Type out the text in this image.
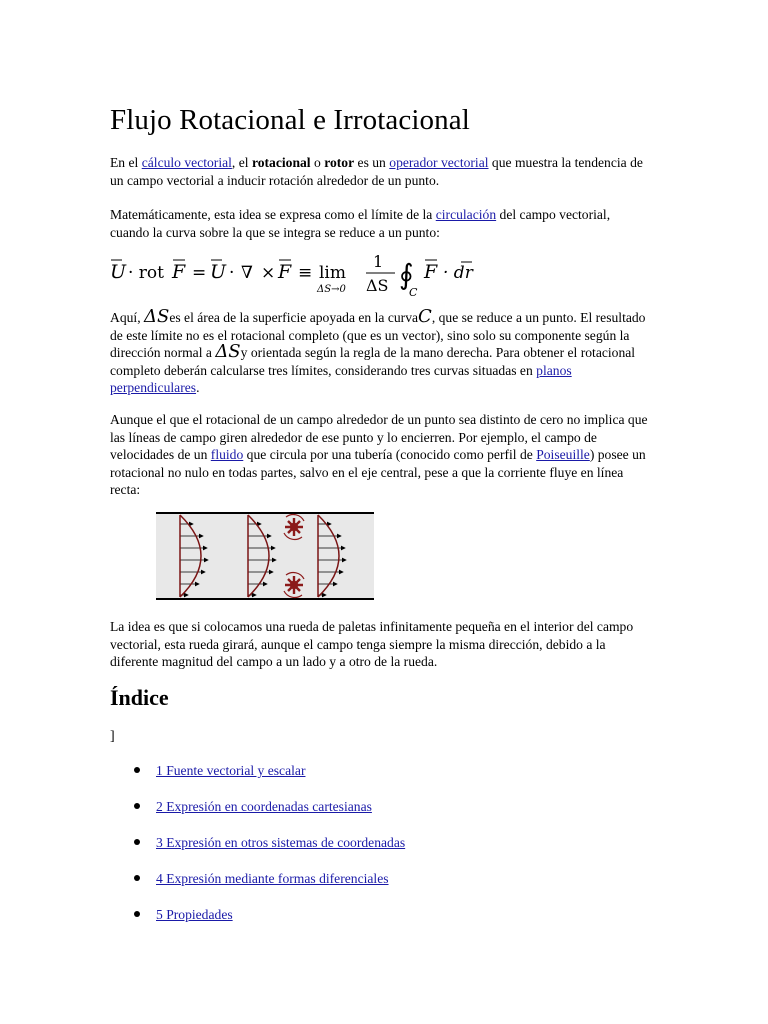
Flujo Rotacional e Irrotacional

En el cálculo vectorial, el rotacional o rotor es un operador vectorial que muestra la tendencia de un campo vectorial a inducir rotación alrededor de un punto.

Matemáticamente, esta idea se expresa como el límite de la circulación del campo vectorial, cuando la curva sobre la que se integra se reduce a un punto:

U · rot F = U · ∇ × F ≡ lim
ΔS→0
1
ΔS ∮
C
F · dr

Aquí, ΔSes el área de la superficie apoyada en la curvaC, que se reduce a un punto. El resultado de este límite no es el rotacional completo (que es un vector), sino solo su componente según la dirección normal a ΔSy orientada según la regla de la mano derecha. Para obtener el rotacional completo deberán calcularse tres límites, considerando tres curvas situadas en planos perpendiculares.

Aunque el que el rotacional de un campo alrededor de un punto sea distinto de cero no implica que las líneas de campo giren alrededor de ese punto y lo encierren. Por ejemplo, el campo de velocidades de un fluido que circula por una tubería (conocido como perfil de Poiseuille) posee un rotacional no nulo en todas partes, salvo en el eje central, pese a que la corriente fluye en línea recta:

La idea es que si colocamos una rueda de paletas infinitamente pequeña en el interior del campo vectorial, esta rueda girará, aunque el campo tenga siempre la misma dirección, debido a la diferente magnitud del campo a un lado y a otro de la rueda.

Índice
]
1 Fuente vectorial y escalar
2 Expresión en coordenadas cartesianas
3 Expresión en otros sistemas de coordenadas
4 Expresión mediante formas diferenciales
5 Propiedades
